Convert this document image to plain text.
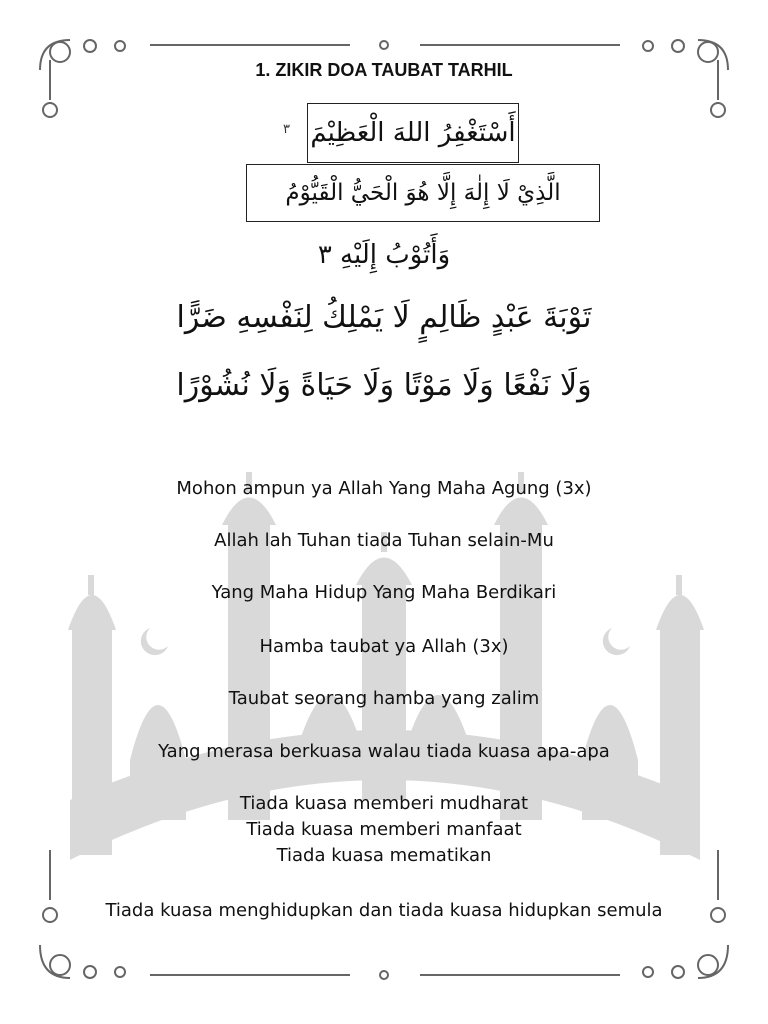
1. ZIKIR DOA TAUBAT TARHIL
أَسْتَغْفِرُ اللهَ الْعَظِيْمَ
٣
الَّذِيْ لَا إِلٰهَ إِلَّا هُوَ الْحَيُّ الْقَيُّوْمُ
وَأَتُوْبُ إِلَيْهِ ٣
تَوْبَةَ عَبْدٍ ظَالِمٍ لَا يَمْلِكُ لِنَفْسِهِ ضَرًّا
وَلَا نَفْعًا وَلَا مَوْتًا وَلَا حَيَاةً وَلَا نُشُوْرًا
Mohon ampun ya Allah Yang Maha Agung (3x)
Allah lah Tuhan tiada Tuhan selain-Mu
Yang Maha Hidup Yang Maha Berdikari
Hamba taubat ya Allah (3x)
Taubat seorang hamba yang zalim
Yang merasa berkuasa walau tiada kuasa apa-apa
Tiada kuasa memberi mudharat
Tiada kuasa memberi manfaat
Tiada kuasa mematikan
Tiada kuasa menghidupkan dan tiada kuasa hidupkan semula
